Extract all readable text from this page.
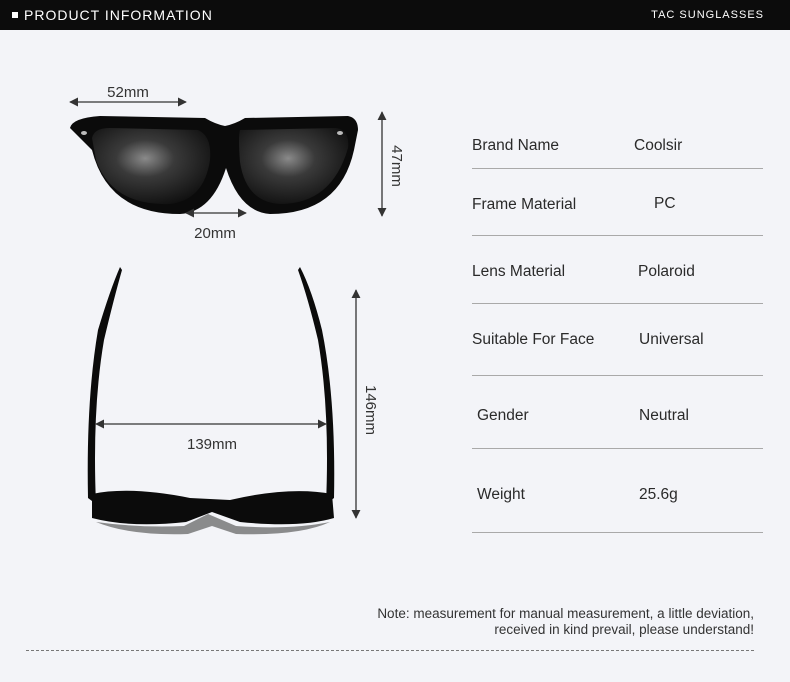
PRODUCT INFORMATION	TAC SUNGLASSES
52mm
20mm
47mm
139mm
146mm
Brand Name	Coolsir
Frame Material	PC
Lens Material	Polaroid
Suitable For Face	Universal
Gender	Neutral
Weight	25.6g
Note: measurement for manual measurement, a little deviation,
received in kind prevail, please understand!
